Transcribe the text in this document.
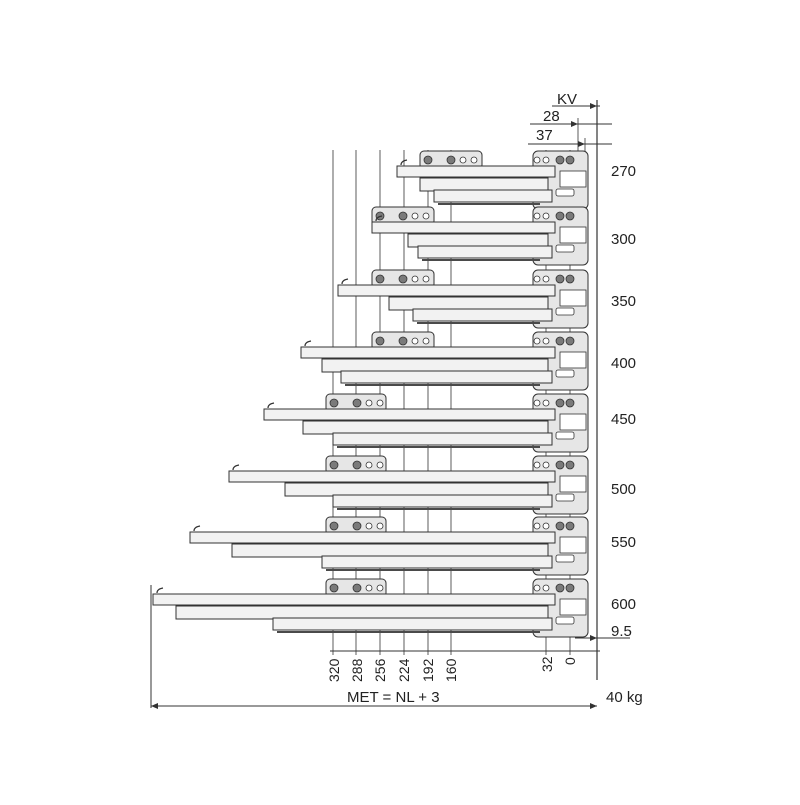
KV
28
37
270
300
350
400
450
500
550
600
9.5
320 288 256 224 192 160	32 0
MET = NL + 3	40 kg
